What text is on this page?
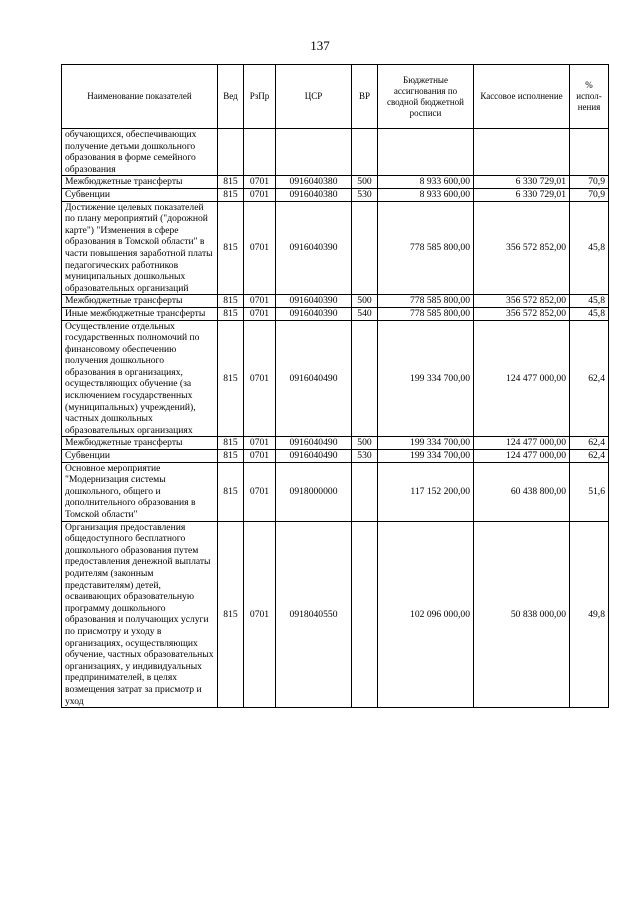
137
Наименование показателей	Вед	РзПр	ЦСР	ВР	Бюджетные ассигнования по сводной бюджетной росписи	Кассовое исполнение	% испол-нения
обучающихся, обеспечивающих получение детьми дошкольного образования в форме семейного образования							
Межбюджетные трансферты	815	0701	0916040380	500	8 933 600,00	6 330 729,01	70,9
Субвенции	815	0701	0916040380	530	8 933 600,00	6 330 729,01	70,9
Достижение целевых показателей по плану мероприятий ("дорожной карте") "Изменения в сфере образования в Томской области" в части повышения заработной платы педагогических работников муниципальных дошкольных образовательных организаций	815	0701	0916040390		778 585 800,00	356 572 852,00	45,8
Межбюджетные трансферты	815	0701	0916040390	500	778 585 800,00	356 572 852,00	45,8
Иные межбюджетные трансферты	815	0701	0916040390	540	778 585 800,00	356 572 852,00	45,8
Осуществление отдельных государственных полномочий по финансовому обеспечению получения дошкольного образования в организациях, осуществляющих обучение (за исключением государственных (муниципальных) учреждений), частных дошкольных образовательных организациях	815	0701	0916040490		199 334 700,00	124 477 000,00	62,4
Межбюджетные трансферты	815	0701	0916040490	500	199 334 700,00	124 477 000,00	62,4
Субвенции	815	0701	0916040490	530	199 334 700,00	124 477 000,00	62,4
Основное мероприятие "Модернизация системы дошкольного, общего и дополнительного образования в Томской области"	815	0701	0918000000		117 152 200,00	60 438 800,00	51,6
Организация предоставления общедоступного бесплатного дошкольного образования путем предоставления денежной выплаты родителям (законным представителям) детей, осваивающих образовательную программу дошкольного образования и получающих услуги по присмотру и уходу в организациях, осуществляющих обучение, частных образовательных организациях, у индивидуальных предпринимателей, в целях возмещения затрат за присмотр и уход	815	0701	0918040550		102 096 000,00	50 838 000,00	49,8
